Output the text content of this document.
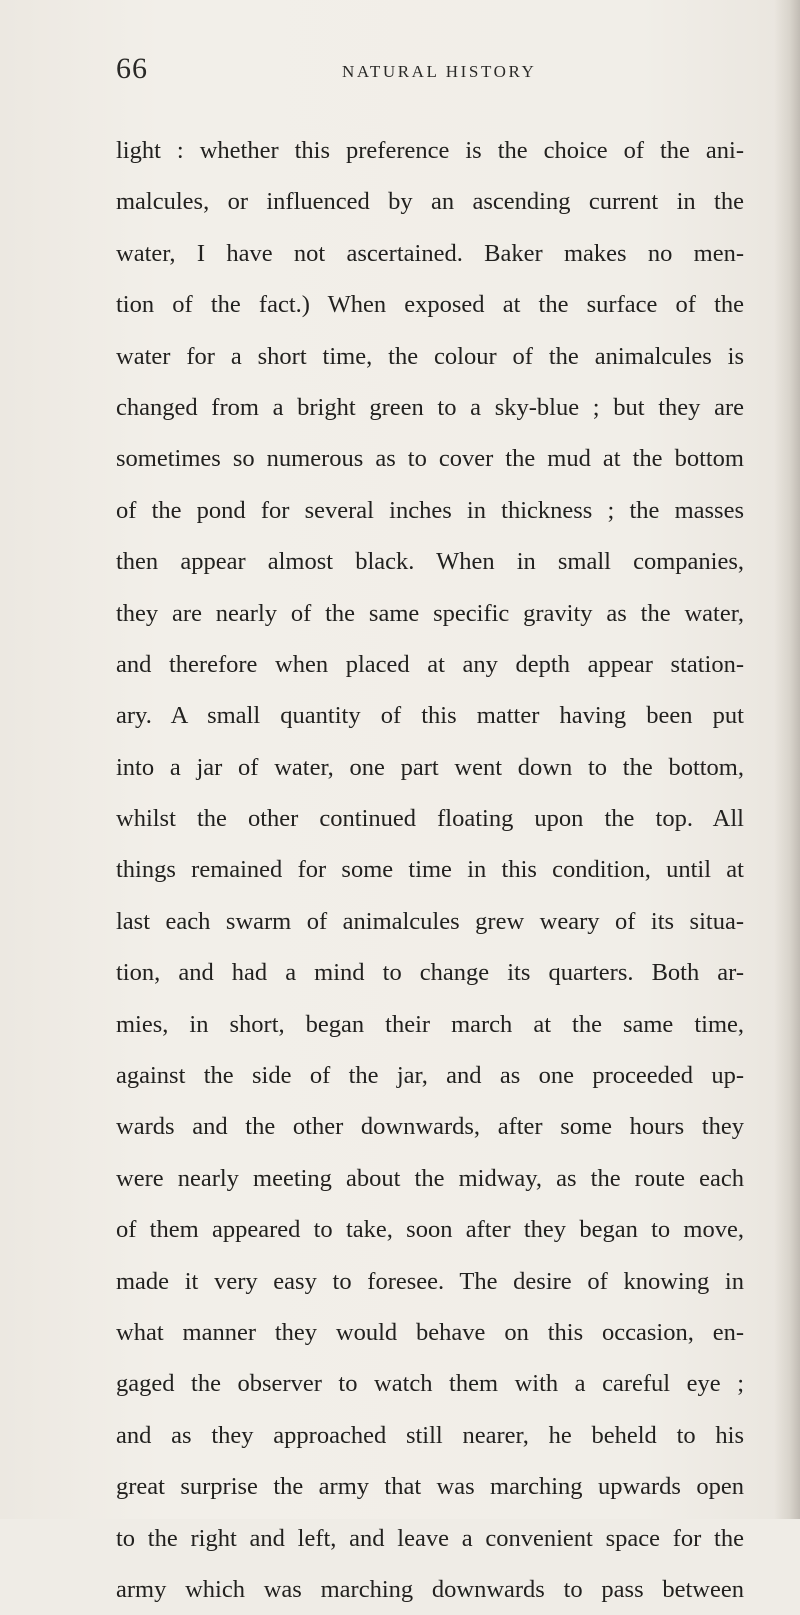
66	NATURAL HISTORY
light : whether this preference is the choice of the ani-
malcules, or influenced by an ascending current in the
water, I have not ascertained. Baker makes no men-
tion of the fact.) When exposed at the surface of the
water for a short time, the colour of the animalcules is
changed from a bright green to a sky-blue ; but they are
sometimes so numerous as to cover the mud at the bottom
of the pond for several inches in thickness ; the masses
then appear almost black. When in small companies,
they are nearly of the same specific gravity as the water,
and therefore when placed at any depth appear station-
ary. A small quantity of this matter having been put
into a jar of water, one part went down to the bottom,
whilst the other continued floating upon the top. All
things remained for some time in this condition, until at
last each swarm of animalcules grew weary of its situa-
tion, and had a mind to change its quarters. Both ar-
mies, in short, began their march at the same time,
against the side of the jar, and as one proceeded up-
wards and the other downwards, after some hours they
were nearly meeting about the midway, as the route each
of them appeared to take, soon after they began to move,
made it very easy to foresee. The desire of knowing in
what manner they would behave on this occasion, en-
gaged the observer to watch them with a careful eye ;
and as they approached still nearer, he beheld to his
great surprise the army that was marching upwards open
to the right and left, and leave a convenient space for the
army which was marching downwards to pass between
